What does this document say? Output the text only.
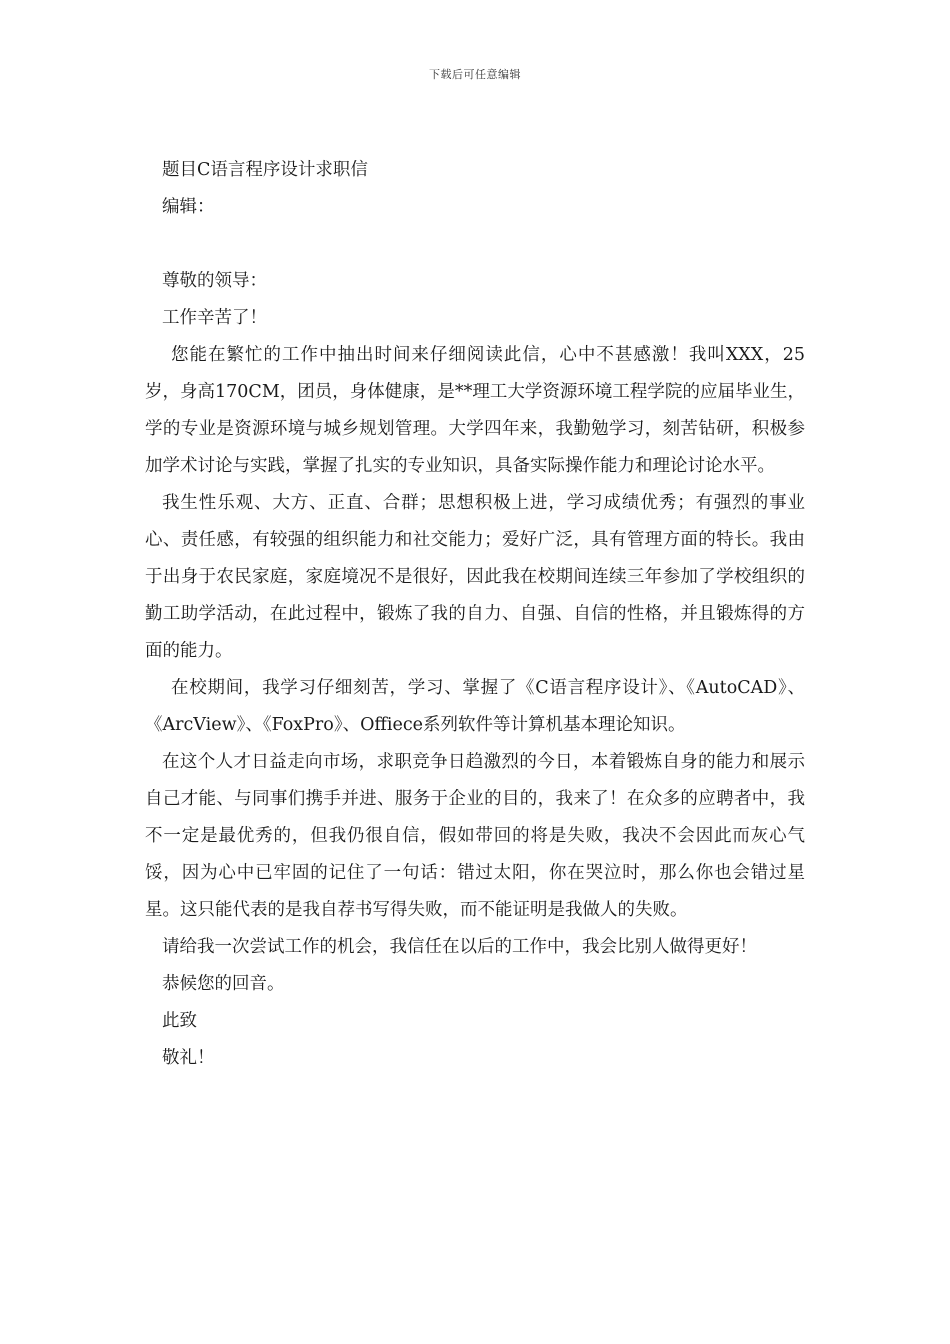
下载后可任意编辑

题目C语言程序设计求职信

编辑：

尊敬的领导：

工作辛苦了！

您能在繁忙的工作中抽出时间来仔细阅读此信，心中不甚感激！我叫XXX，25岁，身高170CM，团员，身体健康，是**理工大学资源环境工程学院的应届毕业生，学的专业是资源环境与城乡规划管理。大学四年来，我勤勉学习，刻苦钻研，积极参加学术讨论与实践，掌握了扎实的专业知识，具备实际操作能力和理论讨论水平。

我生性乐观、大方、正直、合群；思想积极上进，学习成绩优秀；有强烈的事业心、责任感，有较强的组织能力和社交能力；爱好广泛，具有管理方面的特长。我由于出身于农民家庭，家庭境况不是很好，因此我在校期间连续三年参加了学校组织的勤工助学活动，在此过程中，锻炼了我的自力、自强、自信的性格，并且锻炼得的方面的能力。

在校期间，我学习仔细刻苦，学习、掌握了《C语言程序设计》、《AutoCAD》、《ArcView》、《FoxPro》、Offiece系列软件等计算机基本理论知识。

在这个人才日益走向市场，求职竞争日趋激烈的今日，本着锻炼自身的能力和展示自己才能、与同事们携手并进、服务于企业的目的，我来了！在众多的应聘者中，我不一定是最优秀的，但我仍很自信，假如带回的将是失败，我决不会因此而灰心气馁，因为心中已牢固的记住了一句话：错过太阳，你在哭泣时，那么你也会错过星星。这只能代表的是我自荐书写得失败，而不能证明是我做人的失败。

请给我一次尝试工作的机会，我信任在以后的工作中，我会比别人做得更好！

恭候您的回音。

此致

敬礼！
